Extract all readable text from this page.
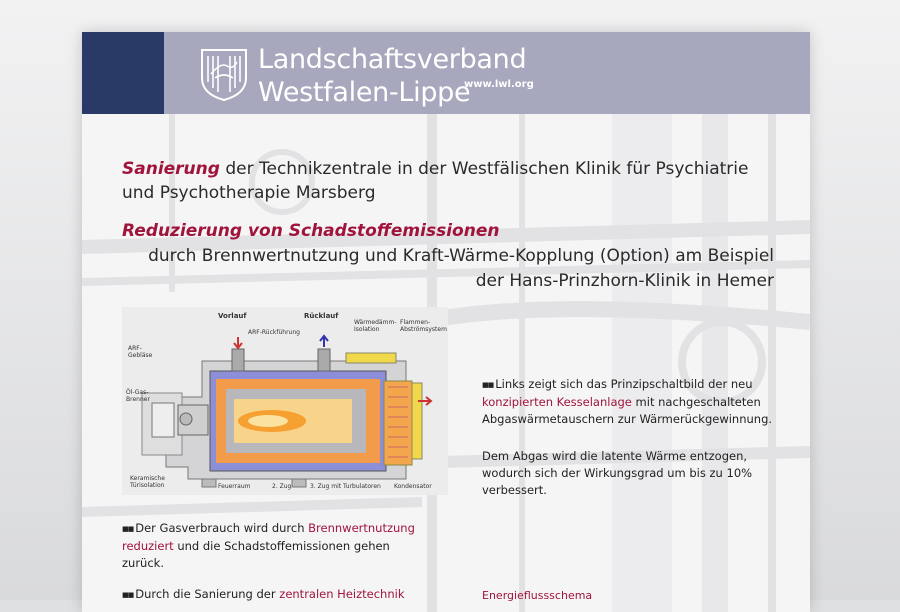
Landschaftsverband
Westfalen-Lippe
www.lwl.org
Sanierung der Technikzentrale in der Westfälischen Klinik für Psychiatrie und Psychotherapie Marsberg
Reduzierung von Schadstoffemissionen
durch Brennwertnutzung und Kraft-Wärme-Kopplung (Option) am Beispiel der Hans-Prinzhorn-Klinik in Hemer
Vorlauf	Rücklauf
ARF-Rückführung
Wärmedämm-
Isolation
Flammen-
Abströmsystem
ARF-
Gebläse
Öl-Gas-
Brenner
Keramische
Türisolation	Feuerraum	2. Zug	3. Zug mit Turbulatoren Kondensator
■■ Links zeigt sich das Prinzipschaltbild der neu konzipierten Kesselanlage mit nachgeschalteten Abgaswärmetauschern zur Wärmerückgewinnung.
Dem Abgas wird die latente Wärme entzogen, wodurch sich der Wirkungsgrad um bis zu 10% verbessert.
■■ Der Gasverbrauch wird durch Brennwertnutzung reduziert und die Schadstoffemissionen gehen zurück.
■■ Durch die Sanierung der zentralen Heiztechnik	Energieflussschema
